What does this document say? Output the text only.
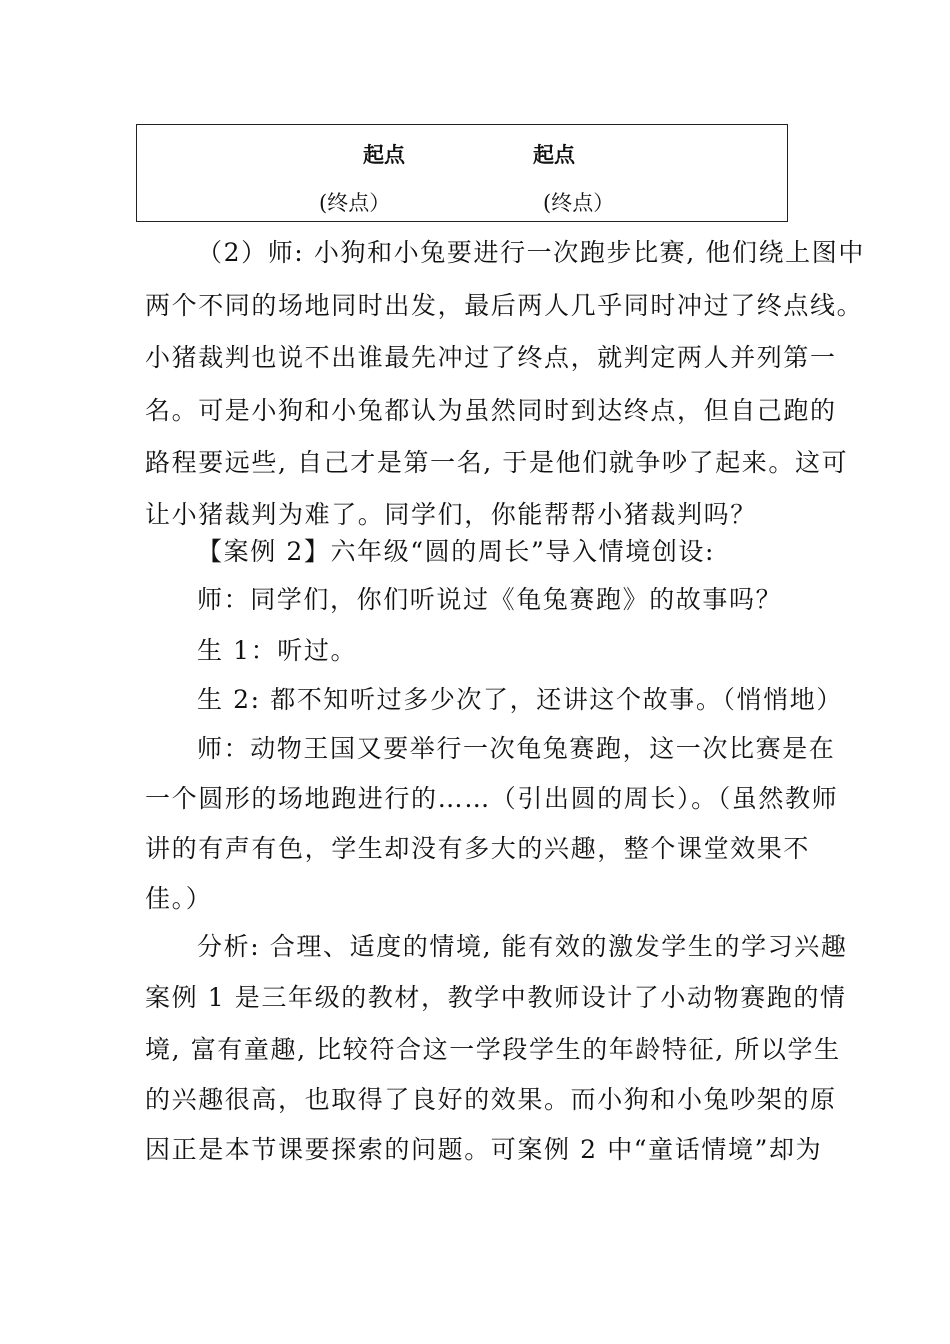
起点	起点
(终点）	(终点）
（2）师: 小狗和小兔要进行一次跑步比赛, 他们绕上图中
两个不同的场地同时出发，最后两人几乎同时冲过了终点线。
小猪裁判也说不出谁最先冲过了终点，就判定两人并列第一
名。可是小狗和小兔都认为虽然同时到达终点，但自己跑的
路程要远些, 自己才是第一名, 于是他们就争吵了起来。这可
让小猪裁判为难了。同学们，你能帮帮小猪裁判吗？
【案例 2】六年级“圆的周长”导入情境创设:
师：同学们，你们听说过《龟兔赛跑》的故事吗？
生 1：听过。
生 2: 都不知听过多少次了，还讲这个故事。（悄悄地）
师：动物王国又要举行一次龟兔赛跑，这一次比赛是在
一个圆形的场地跑进行的……（引出圆的周长）。（虽然教师
讲的有声有色，学生却没有多大的兴趣，整个课堂效果不
佳。）
分析: 合理、适度的情境, 能有效的激发学生的学习兴趣
案例 1 是三年级的教材，教学中教师设计了小动物赛跑的情
境, 富有童趣, 比较符合这一学段学生的年龄特征, 所以学生
的兴趣很高，也取得了良好的效果。而小狗和小兔吵架的原
因正是本节课要探索的问题。可案例 2 中“童话情境”却为
